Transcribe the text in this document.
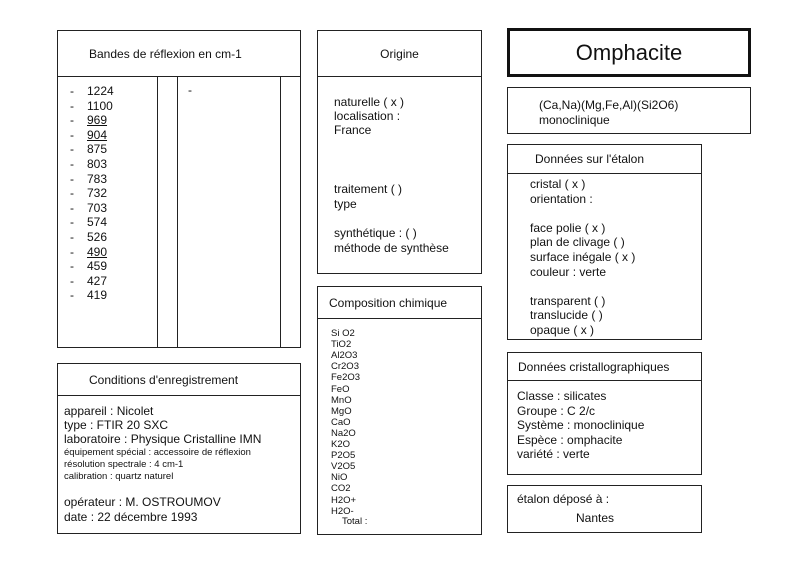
Bandes de réflexion en cm-1
- 1224
- 1100
- 969
- 904
- 875
- 803
- 783
- 732
- 703
- 574
- 526
- 490
- 459
- 427
- 419
-
Conditions d'enregistrement
appareil : Nicolet
type : FTIR 20 SXC
laboratoire : Physique Cristalline IMN
équipement spécial : accessoire de réflexion
résolution spectrale : 4 cm-1
calibration : quartz naturel
opérateur : M. OSTROUMOV
date : 22 décembre 1993
Origine
naturelle ( x )
localisation :
France
traitement ( )
type
synthétique : ( )
méthode de synthèse
Composition chimique
Si O2
TiO2
Al2O3
Cr2O3
Fe2O3
FeO
MnO
MgO
CaO
Na2O
K2O
P2O5
V2O5
NiO
CO2
H2O+
H2O-
Total :
Omphacite
(Ca,Na)(Mg,Fe,Al)(Si2O6)
monoclinique
Données sur l'étalon
cristal ( x )
orientation :
face polie ( x )
plan de clivage ( )
surface inégale ( x )
couleur : verte
transparent ( )
translucide ( )
opaque ( x )
Données cristallographiques
Classe : silicates
Groupe : C 2/c
Système : monoclinique
Espèce : omphacite
variété : verte
étalon déposé à :
Nantes
